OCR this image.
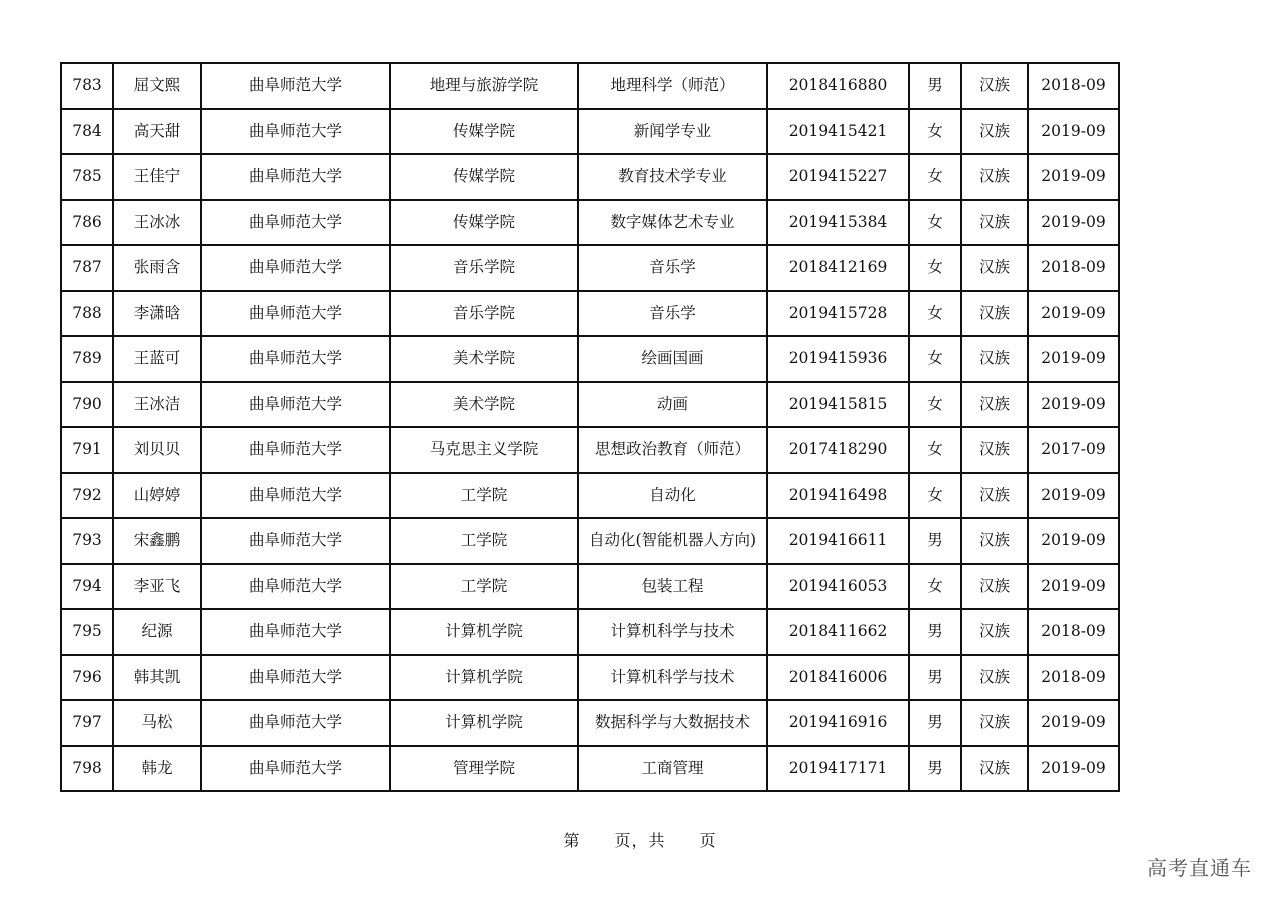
783	屈文熙	曲阜师范大学	地理与旅游学院	地理科学（师范）	2018416880	男	汉族	2018-09
784	高天甜	曲阜师范大学	传媒学院	新闻学专业	2019415421	女	汉族	2019-09
785	王佳宁	曲阜师范大学	传媒学院	教育技术学专业	2019415227	女	汉族	2019-09
786	王冰冰	曲阜师范大学	传媒学院	数字媒体艺术专业	2019415384	女	汉族	2019-09
787	张雨含	曲阜师范大学	音乐学院	音乐学	2018412169	女	汉族	2018-09
788	李潇晗	曲阜师范大学	音乐学院	音乐学	2019415728	女	汉族	2019-09
789	王蓝可	曲阜师范大学	美术学院	绘画国画	2019415936	女	汉族	2019-09
790	王冰洁	曲阜师范大学	美术学院	动画	2019415815	女	汉族	2019-09
791	刘贝贝	曲阜师范大学	马克思主义学院	思想政治教育（师范）	2017418290	女	汉族	2017-09
792	山婷婷	曲阜师范大学	工学院	自动化	2019416498	女	汉族	2019-09
793	宋鑫鹏	曲阜师范大学	工学院	自动化(智能机器人方向)	2019416611	男	汉族	2019-09
794	李亚飞	曲阜师范大学	工学院	包装工程	2019416053	女	汉族	2019-09
795	纪源	曲阜师范大学	计算机学院	计算机科学与技术	2018411662	男	汉族	2018-09
796	韩其凯	曲阜师范大学	计算机学院	计算机科学与技术	2018416006	男	汉族	2018-09
797	马松	曲阜师范大学	计算机学院	数据科学与大数据技术	2019416916	男	汉族	2019-09
798	韩龙	曲阜师范大学	管理学院	工商管理	2019417171	男	汉族	2019-09
第 页，共 页
高考直通车
